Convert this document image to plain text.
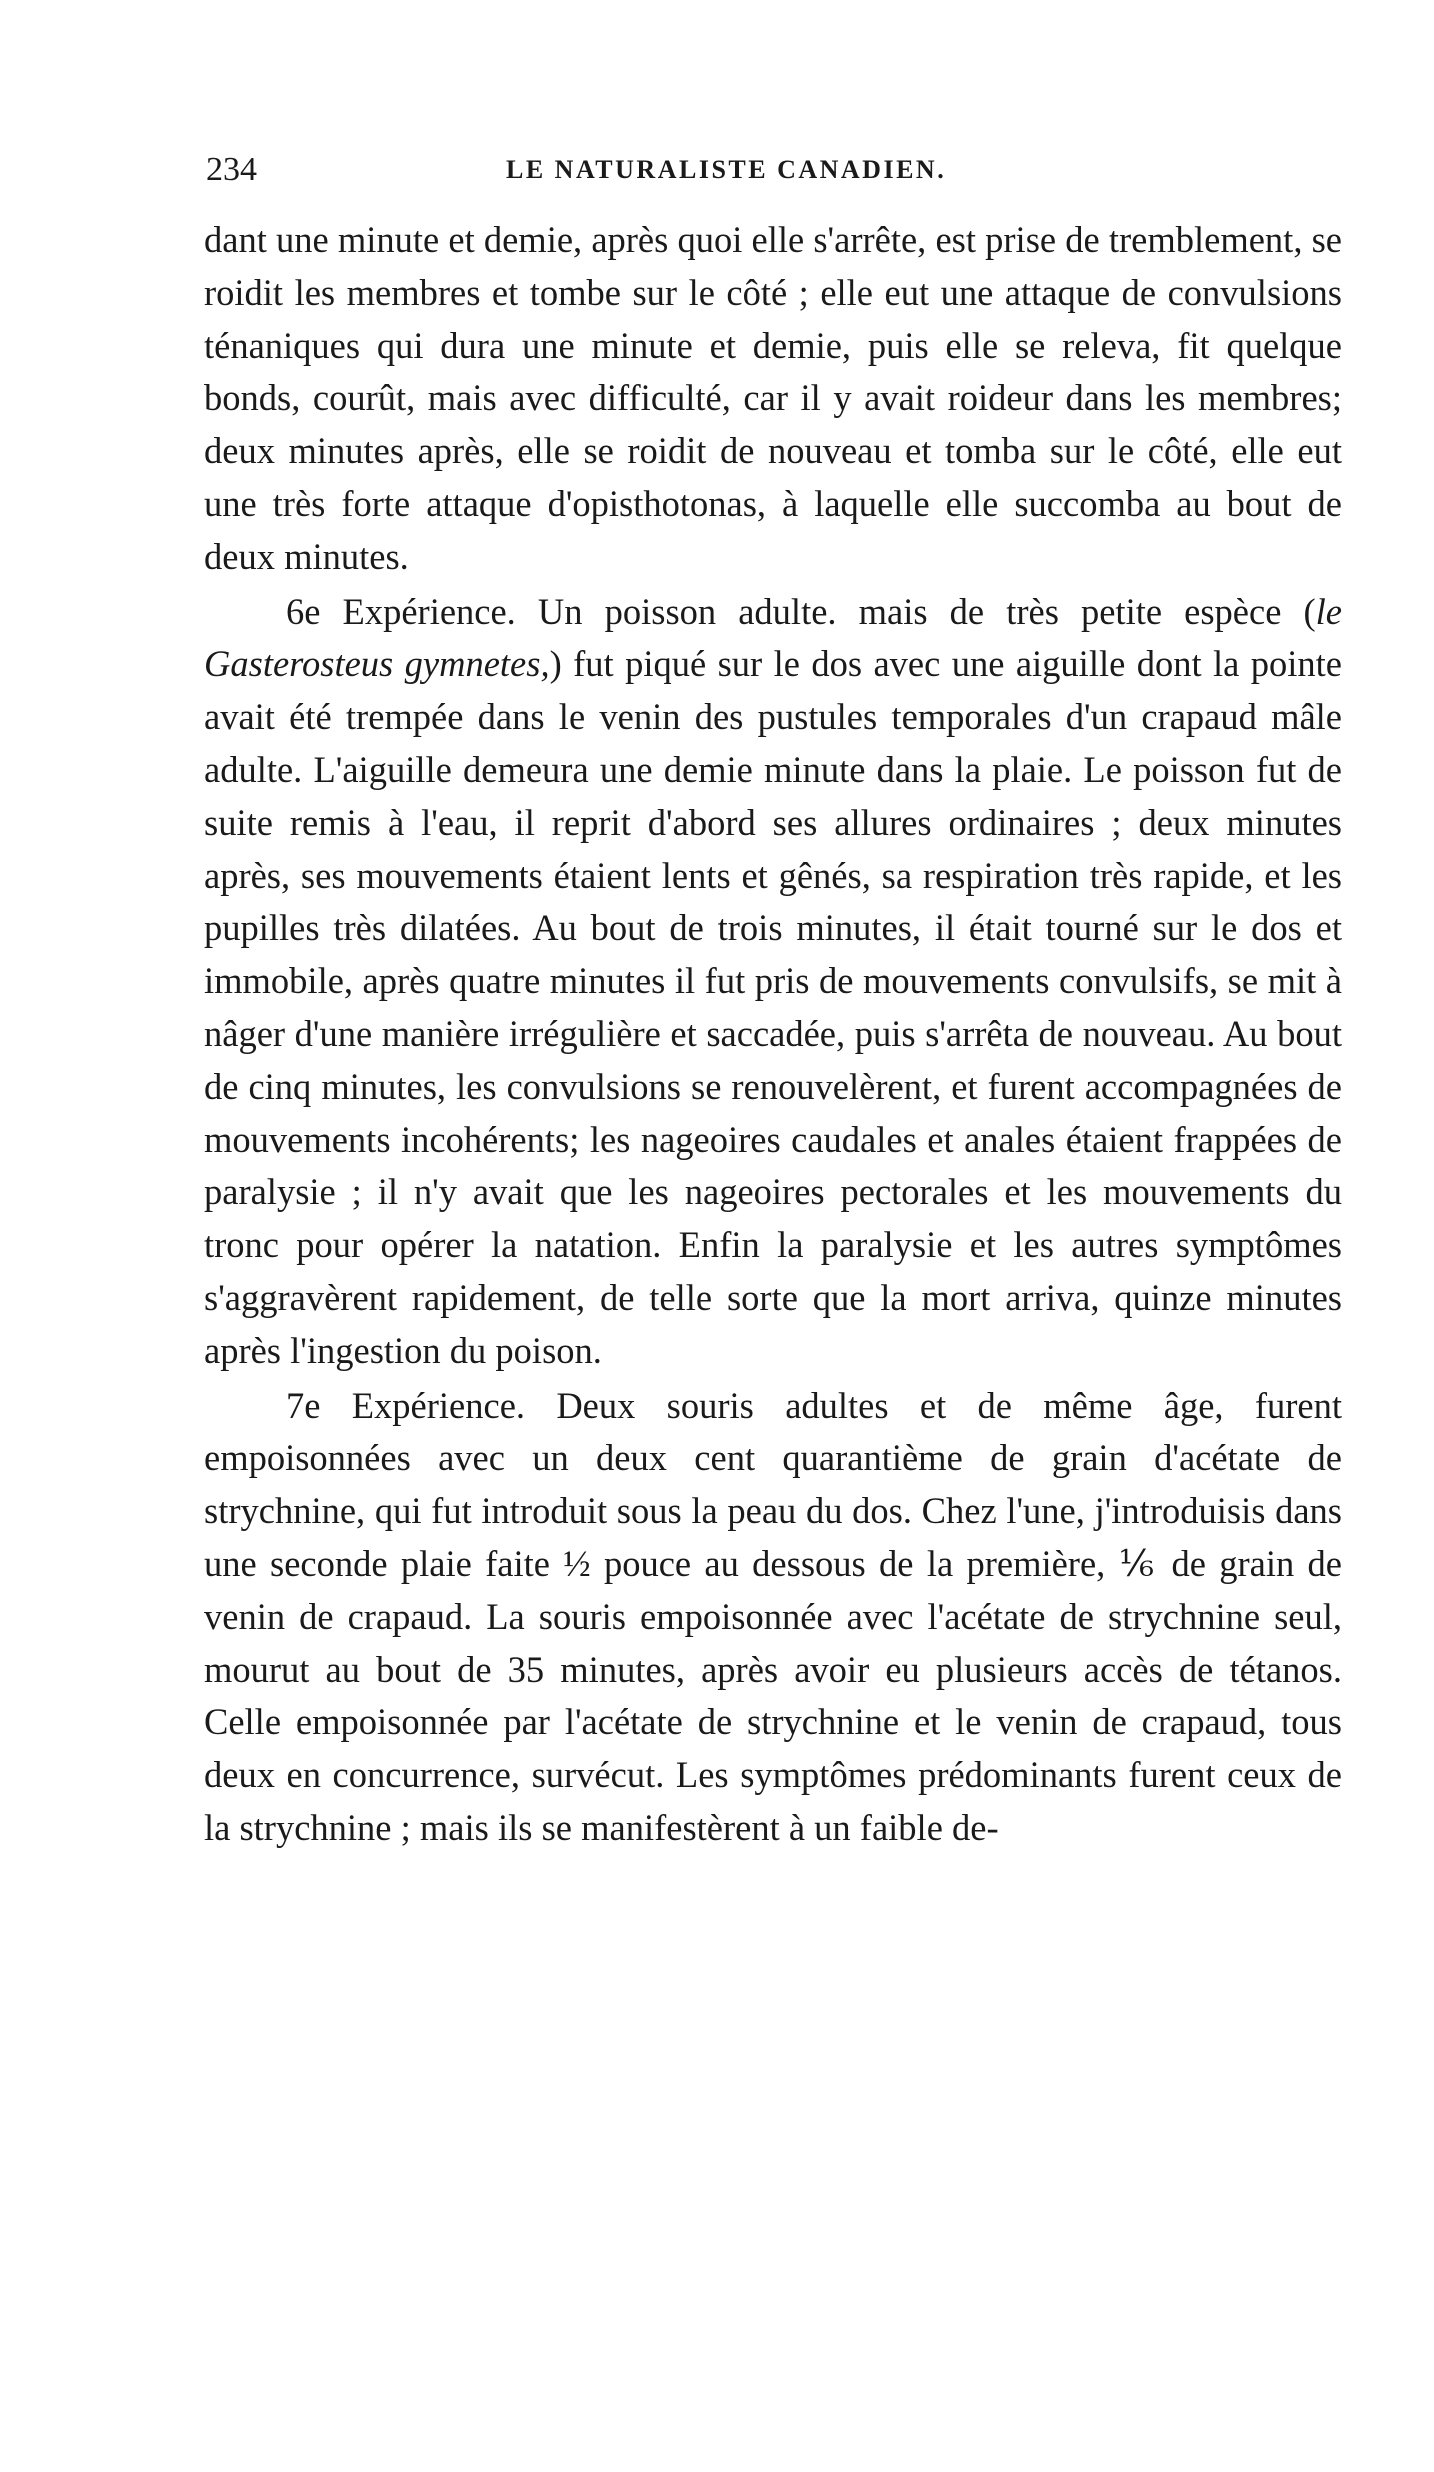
234	LE NATURALISTE CANADIEN.

dant une minute et demie, après quoi elle s'arrête, est prise de tremblement, se roidit les membres et tombe sur le côté ; elle eut une attaque de convulsions ténaniques qui dura une minute et demie, puis elle se releva, fit quelque bonds, courût, mais avec difficulté, car il y avait roideur dans les membres; deux minutes après, elle se roidit de nouveau et tomba sur le côté, elle eut une très forte attaque d'opisthotonas, à laquelle elle succomba au bout de deux minutes.

6e Expérience. Un poisson adulte. mais de très petite espèce (le Gasterosteus gymnetes,) fut piqué sur le dos avec une aiguille dont la pointe avait été trempée dans le venin des pustules temporales d'un crapaud mâle adulte. L'aiguille demeura une demie minute dans la plaie. Le poisson fut de suite remis à l'eau, il reprit d'abord ses allures ordinaires ; deux minutes après, ses mouvements étaient lents et gênés, sa respiration très rapide, et les pupilles très dilatées. Au bout de trois minutes, il était tourné sur le dos et immobile, après quatre minutes il fut pris de mouvements convulsifs, se mit à nâger d'une manière irrégulière et saccadée, puis s'arrêta de nouveau. Au bout de cinq minutes, les convulsions se renouvelèrent, et furent accompagnées de mouvements incohérents; les nageoires caudales et anales étaient frappées de paralysie ; il n'y avait que les nageoires pectorales et les mouvements du tronc pour opérer la natation. Enfin la paralysie et les autres symptômes s'aggravèrent rapidement, de telle sorte que la mort arriva, quinze minutes après l'ingestion du poison.

7e Expérience. Deux souris adultes et de même âge, furent empoisonnées avec un deux cent quarantième de grain d'acétate de strychnine, qui fut introduit sous la peau du dos. Chez l'une, j'introduisis dans une seconde plaie faite ½ pouce au dessous de la première, ⅙ de grain de venin de crapaud. La souris empoisonnée avec l'acétate de strychnine seul, mourut au bout de 35 minutes, après avoir eu plusieurs accès de tétanos. Celle empoisonnée par l'acétate de strychnine et le venin de crapaud, tous deux en concurrence, survécut. Les symptômes prédominants furent ceux de la strychnine ; mais ils se manifestèrent à un faible de-
